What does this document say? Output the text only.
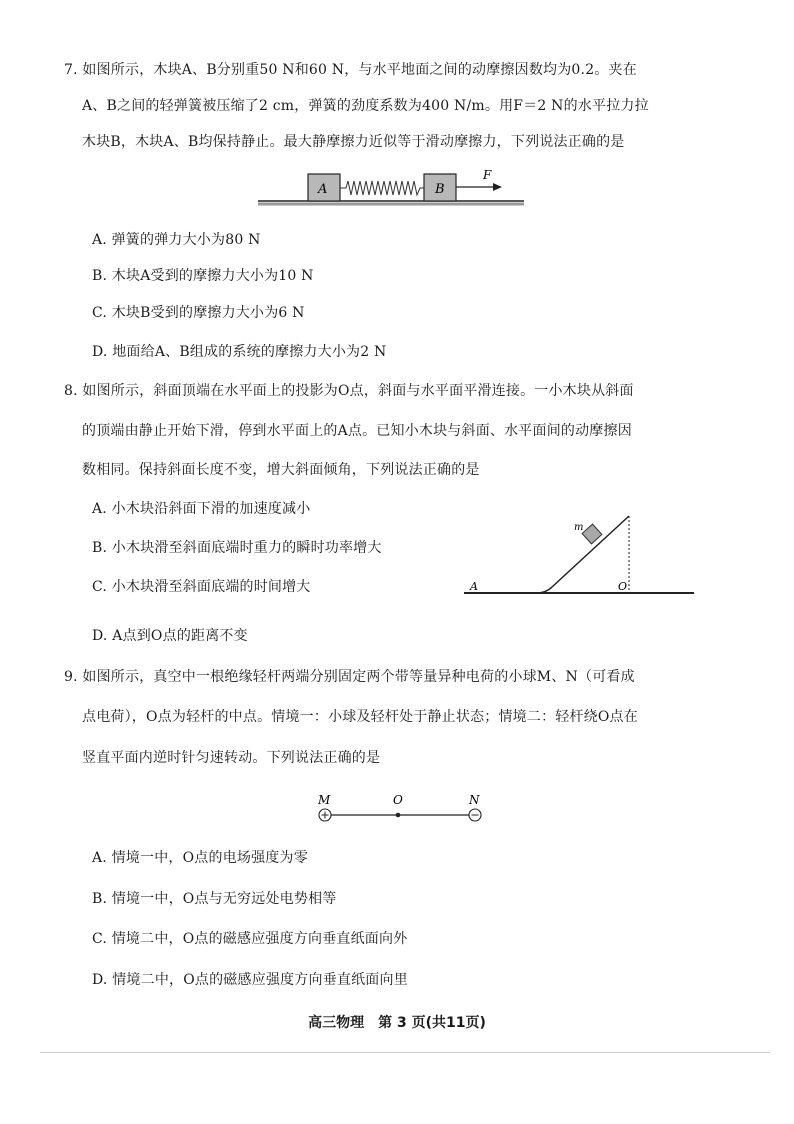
7. 如图所示，木块A、B分别重50 N和60 N，与水平地面之间的动摩擦因数均为0.2。夹在
A、B之间的轻弹簧被压缩了2 cm，弹簧的劲度系数为400 N/m。用F＝2 N的水平拉力拉
木块B，木块A、B均保持静止。最大静摩擦力近似等于滑动摩擦力，下列说法正确的是
A	B
F
A. 弹簧的弹力大小为80 N
B. 木块A受到的摩擦力大小为10 N
C. 木块B受到的摩擦力大小为6 N
D. 地面给A、B组成的系统的摩擦力大小为2 N
8. 如图所示，斜面顶端在水平面上的投影为O点，斜面与水平面平滑连接。一小木块从斜面
的顶端由静止开始下滑，停到水平面上的A点。已知小木块与斜面、水平面间的动摩擦因
数相同。保持斜面长度不变，增大斜面倾角，下列说法正确的是
A. 小木块沿斜面下滑的加速度减小
B. 小木块滑至斜面底端时重力的瞬时功率增大
C. 小木块滑至斜面底端的时间增大
m
A	O
D. A点到O点的距离不变
9. 如图所示，真空中一根绝缘轻杆两端分别固定两个带等量异种电荷的小球M、N（可看成
点电荷），O点为轻杆的中点。情境一：小球及轻杆处于静止状态；情境二：轻杆绕O点在
竖直平面内逆时针匀速转动。下列说法正确的是
M	O	N
A. 情境一中，O点的电场强度为零
B. 情境一中，O点与无穷远处电势相等
C. 情境二中，O点的磁感应强度方向垂直纸面向外
D. 情境二中，O点的磁感应强度方向垂直纸面向里
高三物理　第 3 页(共11页)
